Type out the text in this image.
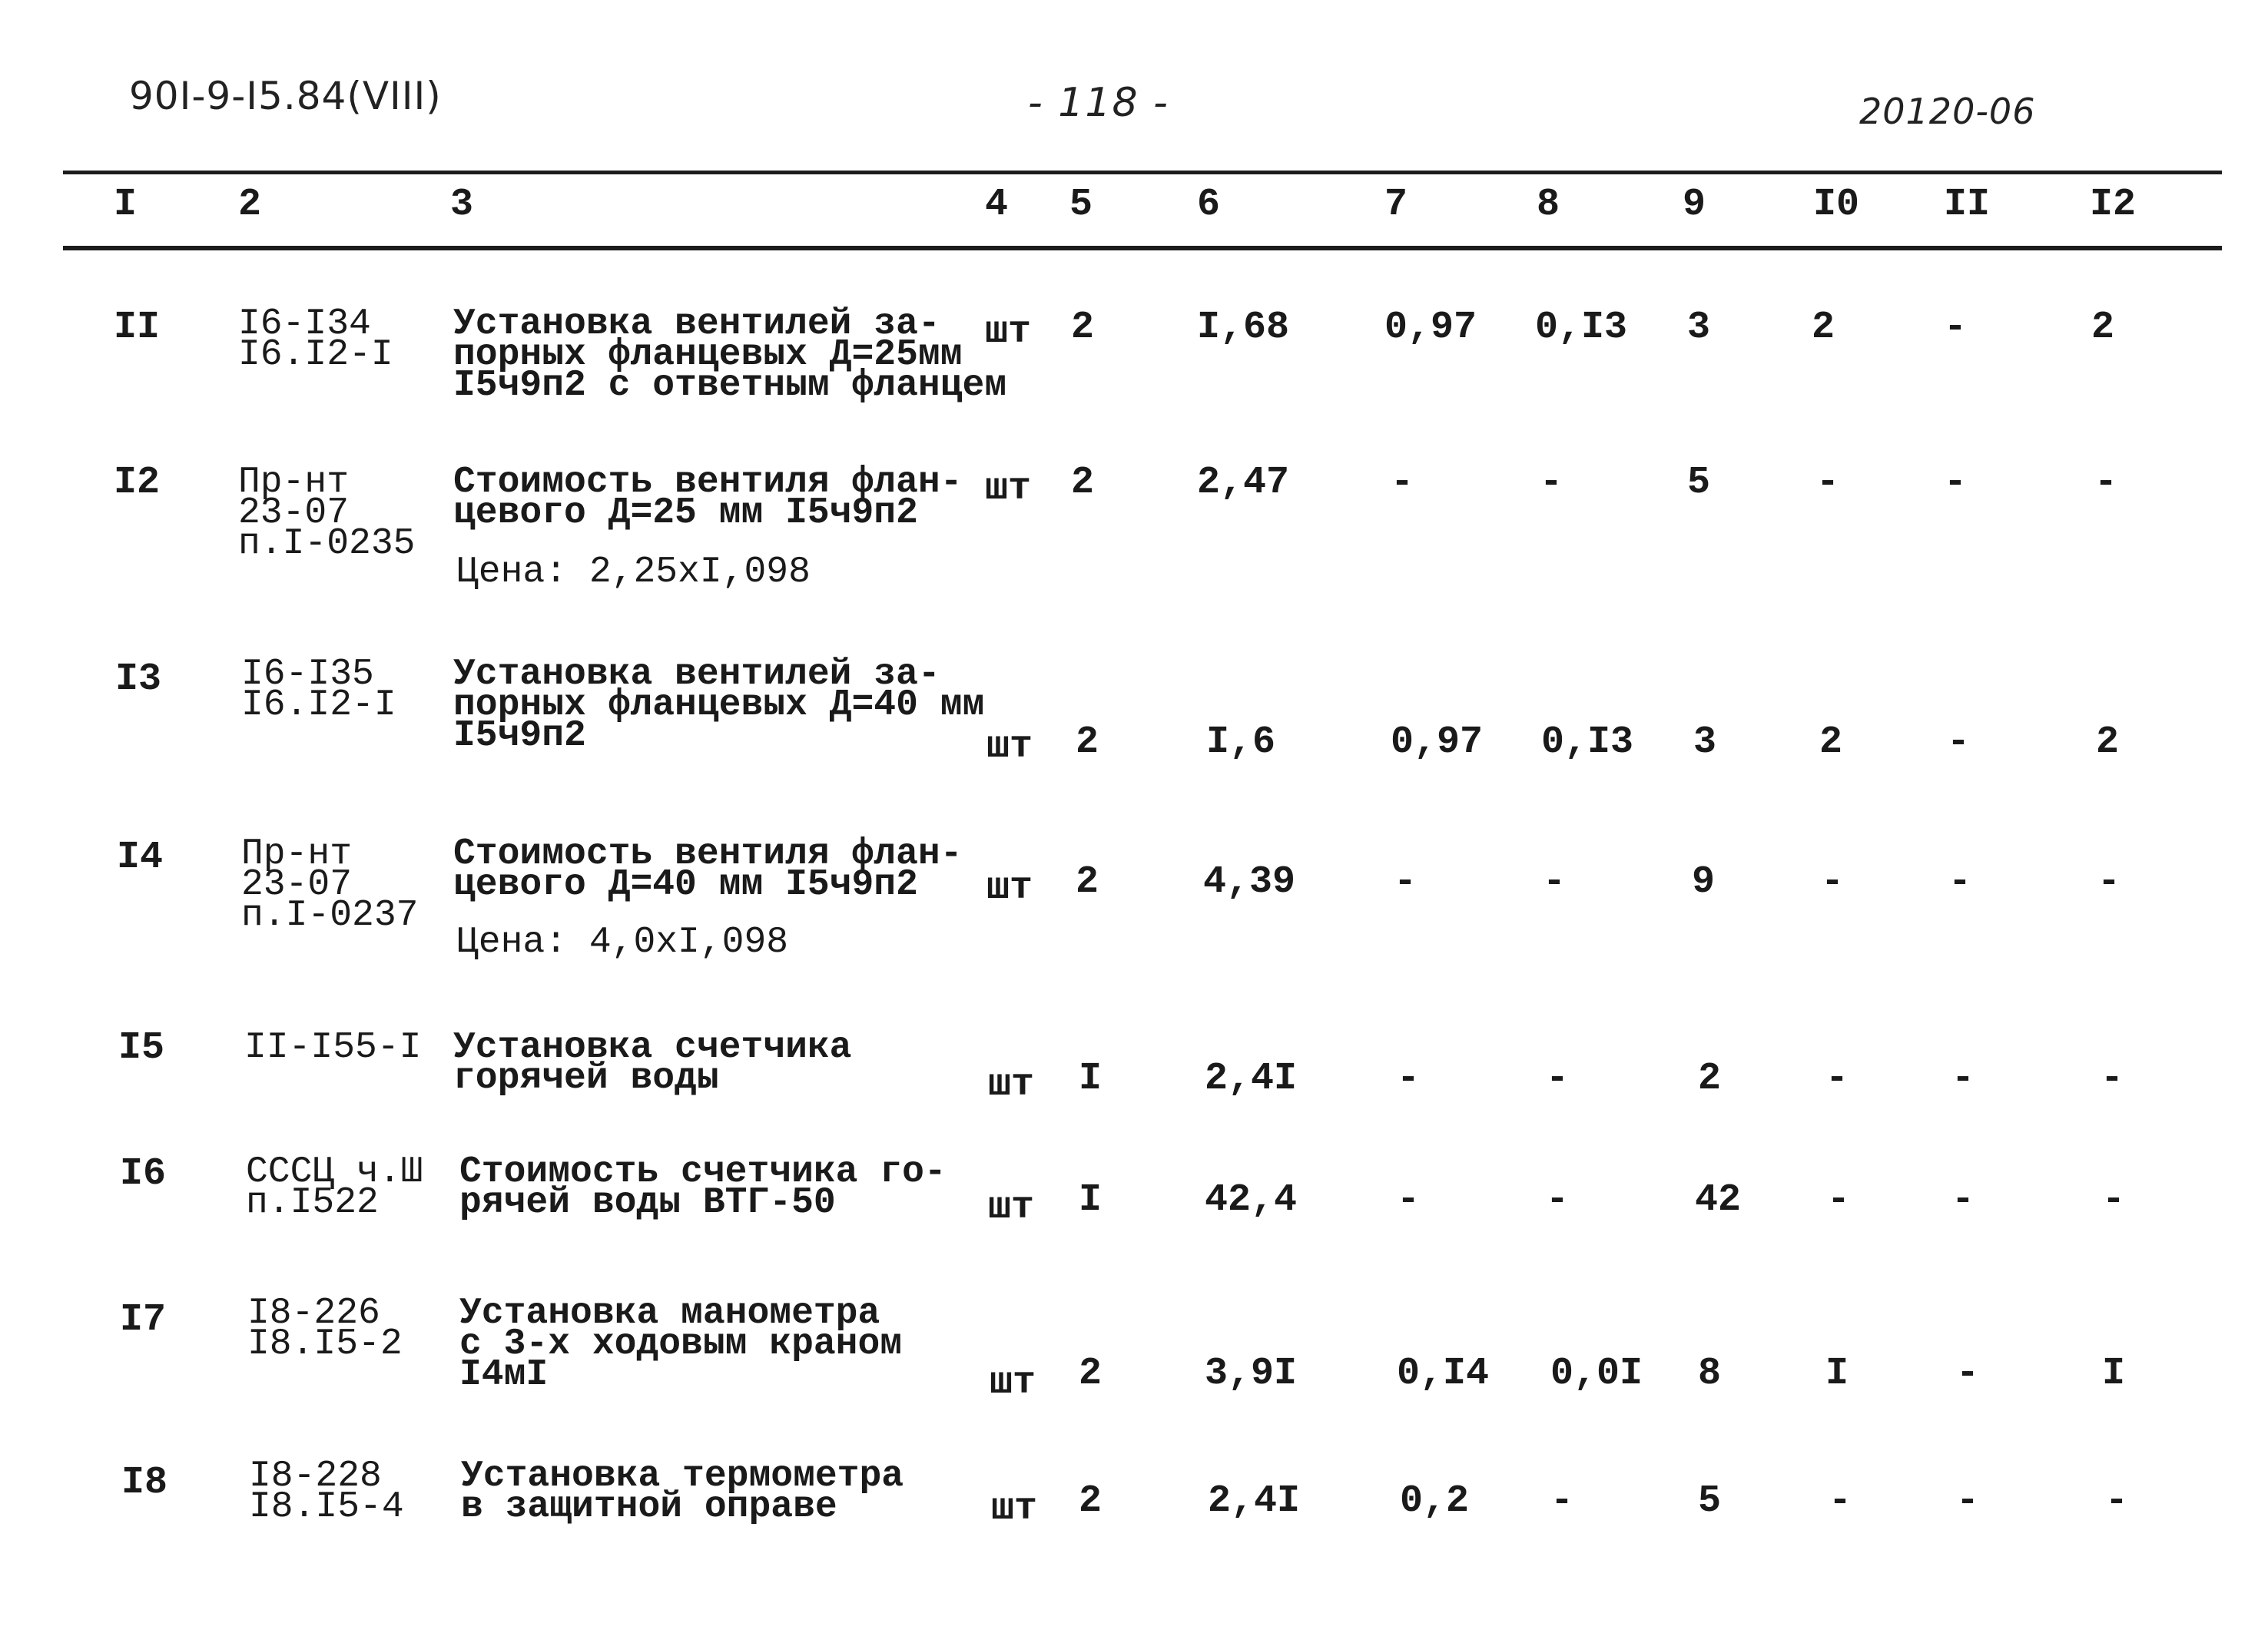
90I-9-I5.84(VIII)	- 118 -	20120-06
I	2	3	4 5	6	7	8	9	I0 II	I2
II I6-I34
I6.I2-I
Установка вентилей за-
порных фланцевых Д=25мм
I5ч9п2 с ответным фланцем
шт 2	I,68 0,97 0,I3 3	2	-	2
I2 Пр-нт
23-07
п.I-0235
Стоимость вентиля флан-
цевого Д=25 мм I5ч9п2
Цена: 2,25хI,098
шт 2	2,47	-	-	5	-	-	-
I3 I6-I35
I6.I2-I
Установка вентилей за-
порных фланцевых Д=40 мм
I5ч9п2	шт 2	I,6	0,97 0,I3 3	2	-	2
I4 Пр-нт
23-07
п.I-0237
Стоимость вентиля флан-
цевого Д=40 мм I5ч9п2
Цена: 4,0хI,098
шт 2	4,39	-	-	9	-	-	-
I5 II-I55-I Установка счетчика
горячей воды	шт I	2,4I	-	-	2	-	-	-
I6 СССЦ ч.Ш
п.I522
Стоимость счетчика го-
рячей воды ВТГ-50	шт I	42,4	-	-	42 -	-	-
I7 I8-226
I8.I5-2
Установка манометра
с 3-х ходовым краном
I4мI	шт 2	3,9I	0,I4 0,0I 8	I	-	I
I8 I8-228
I8.I5-4
Установка термометра
в защитной оправе	шт 2	2,4I	0,2 -	5	-	-	-
